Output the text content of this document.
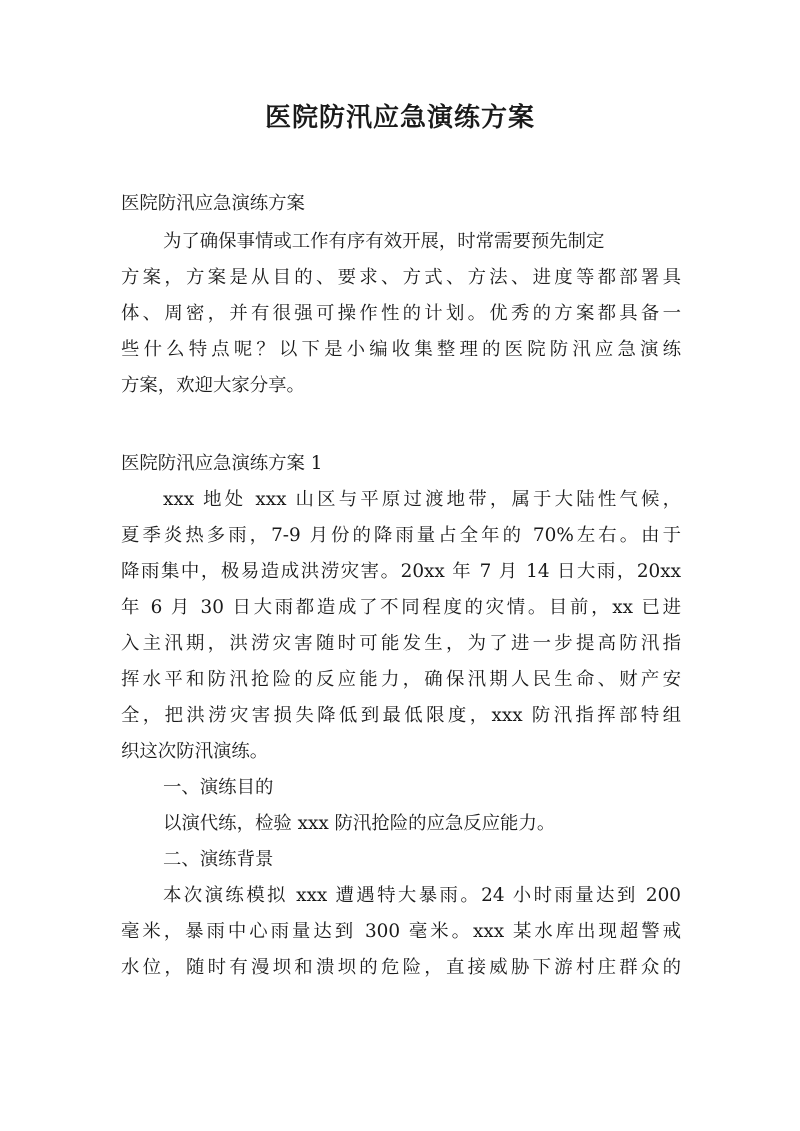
医院防汛应急演练方案

医院防汛应急演练方案

为了确保事情或工作有序有效开展，时常需要预先制定

方案，方案是从目的、要求、方式、方法、进度等都部署具

体、周密，并有很强可操作性的计划。优秀的方案都具备一

些什么特点呢？以下是小编收集整理的医院防汛应急演练

方案，欢迎大家分享。

医院防汛应急演练方案 1

xxx 地处 xxx 山区与平原过渡地带，属于大陆性气候，

夏季炎热多雨，7-9 月份的降雨量占全年的 70%左右。由于

降雨集中，极易造成洪涝灾害。20xx 年 7 月 14 日大雨，20xx

年 6 月 30 日大雨都造成了不同程度的灾情。目前，xx 已进

入主汛期，洪涝灾害随时可能发生，为了进一步提高防汛指

挥水平和防汛抢险的反应能力，确保汛期人民生命、财产安

全，把洪涝灾害损失降低到最低限度，xxx 防汛指挥部特组

织这次防汛演练。

一、演练目的

以演代练，检验 xxx 防汛抢险的应急反应能力。

二、演练背景

本次演练模拟 xxx 遭遇特大暴雨。24 小时雨量达到 200

毫米，暴雨中心雨量达到 300 毫米。xxx 某水库出现超警戒

水位，随时有漫坝和溃坝的危险，直接威胁下游村庄群众的
